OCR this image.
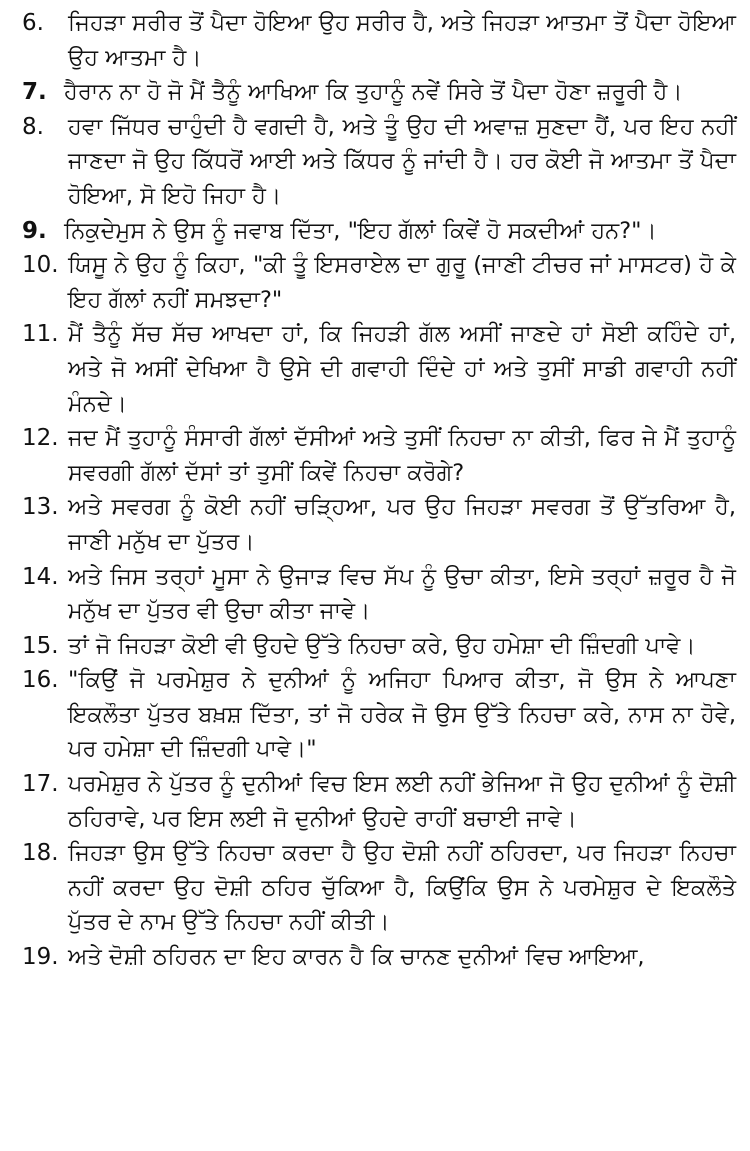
6.	ਜਿਹੜਾ ਸਰੀਰ ਤੋਂ ਪੈਦਾ ਹੋਇਆ ਉਹ ਸਰੀਰ ਹੈ, ਅਤੇ ਜਿਹੜਾ ਆਤਮਾ ਤੋਂ ਪੈਦਾ ਹੋਇਆ ਉਹ ਆਤਮਾ ਹੈ।
7. ਹੈਰਾਨ ਨਾ ਹੋ ਜੋ ਮੈਂ ਤੈਨੂੰ ਆਖਿਆ ਕਿ ਤੁਹਾਨੂੰ ਨਵੇਂ ਸਿਰੇ ਤੋਂ ਪੈਦਾ ਹੋਣਾ ਜ਼ਰੂਰੀ ਹੈ।
8.	ਹਵਾ ਜਿੱਧਰ ਚਾਹੁੰਦੀ ਹੈ ਵਗਦੀ ਹੈ, ਅਤੇ ਤੂੰ ਉਹ ਦੀ ਅਵਾਜ਼ ਸੁਣਦਾ ਹੈਂ, ਪਰ ਇਹ ਨਹੀਂ ਜਾਣਦਾ ਜੋ ਉਹ ਕਿੱਧਰੋਂ ਆਈ ਅਤੇ ਕਿੱਧਰ ਨੂੰ ਜਾਂਦੀ ਹੈ। ਹਰ ਕੋਈ ਜੋ ਆਤਮਾ ਤੋਂ ਪੈਦਾ ਹੋਇਆ, ਸੋ ਇਹੋ ਜਿਹਾ ਹੈ।
9. ਨਿਕੁਦੇਮੁਸ ਨੇ ਉਸ ਨੂੰ ਜਵਾਬ ਦਿੱਤਾ, "ਇਹ ਗੱਲਾਂ ਕਿਵੇਂ ਹੋ ਸਕਦੀਆਂ ਹਨ?"।
10. ਯਿਸੂ ਨੇ ਉਹ ਨੂੰ ਕਿਹਾ, "ਕੀ ਤੂੰ ਇਸਰਾਏਲ ਦਾ ਗੁਰੂ (ਜਾਣੀ ਟੀਚਰ ਜਾਂ ਮਾਸਟਰ) ਹੋ ਕੇ ਇਹ ਗੱਲਾਂ ਨਹੀਂ ਸਮਝਦਾ?"
11. ਮੈਂ ਤੈਨੂੰ ਸੱਚ ਸੱਚ ਆਖਦਾ ਹਾਂ, ਕਿ ਜਿਹੜੀ ਗੱਲ ਅਸੀਂ ਜਾਣਦੇ ਹਾਂ ਸੋਈ ਕਹਿੰਦੇ ਹਾਂ, ਅਤੇ ਜੋ ਅਸੀਂ ਦੇਖਿਆ ਹੈ ਉਸੇ ਦੀ ਗਵਾਹੀ ਦਿੰਦੇ ਹਾਂ ਅਤੇ ਤੁਸੀਂ ਸਾਡੀ ਗਵਾਹੀ ਨਹੀਂ ਮੰਨਦੇ।
12. ਜਦ ਮੈਂ ਤੁਹਾਨੂੰ ਸੰਸਾਰੀ ਗੱਲਾਂ ਦੱਸੀਆਂ ਅਤੇ ਤੁਸੀਂ ਨਿਹਚਾ ਨਾ ਕੀਤੀ, ਫਿਰ ਜੇ ਮੈਂ ਤੁਹਾਨੂੰ ਸਵਰਗੀ ਗੱਲਾਂ ਦੱਸਾਂ ਤਾਂ ਤੁਸੀਂ ਕਿਵੇਂ ਨਿਹਚਾ ਕਰੋਗੇ?
13. ਅਤੇ ਸਵਰਗ ਨੂੰ ਕੋਈ ਨਹੀਂ ਚੜ੍ਹਿਆ, ਪਰ ਉਹ ਜਿਹੜਾ ਸਵਰਗ ਤੋਂ ਉੱਤਰਿਆ ਹੈ, ਜਾਣੀ ਮਨੁੱਖ ਦਾ ਪੁੱਤਰ।
14. ਅਤੇ ਜਿਸ ਤਰ੍ਹਾਂ ਮੂਸਾ ਨੇ ਉਜਾੜ ਵਿਚ ਸੱਪ ਨੂੰ ਉਚਾ ਕੀਤਾ, ਇਸੇ ਤਰ੍ਹਾਂ ਜ਼ਰੂਰ ਹੈ ਜੋ ਮਨੁੱਖ ਦਾ ਪੁੱਤਰ ਵੀ ਉਚਾ ਕੀਤਾ ਜਾਵੇ।
15. ਤਾਂ ਜੋ ਜਿਹੜਾ ਕੋਈ ਵੀ ਉਹਦੇ ਉੱਤੇ ਨਿਹਚਾ ਕਰੇ, ਉਹ ਹਮੇਸ਼ਾ ਦੀ ਜ਼ਿੰਦਗੀ ਪਾਵੇ।
16. "ਕਿਉਂ ਜੋ ਪਰਮੇਸ਼ੁਰ ਨੇ ਦੁਨੀਆਂ ਨੂੰ ਅਜਿਹਾ ਪਿਆਰ ਕੀਤਾ, ਜੋ ਉਸ ਨੇ ਆਪਣਾ ਇਕਲੌਤਾ ਪੁੱਤਰ ਬਖ਼ਸ਼ ਦਿੱਤਾ, ਤਾਂ ਜੋ ਹਰੇਕ ਜੋ ਉਸ ਉੱਤੇ ਨਿਹਚਾ ਕਰੇ, ਨਾਸ ਨਾ ਹੋਵੇ, ਪਰ ਹਮੇਸ਼ਾ ਦੀ ਜ਼ਿੰਦਗੀ ਪਾਵੇ।"
17. ਪਰਮੇਸ਼ੁਰ ਨੇ ਪੁੱਤਰ ਨੂੰ ਦੁਨੀਆਂ ਵਿਚ ਇਸ ਲਈ ਨਹੀਂ ਭੇਜਿਆ ਜੋ ਉਹ ਦੁਨੀਆਂ ਨੂੰ ਦੋਸ਼ੀ ਠਹਿਰਾਵੇ, ਪਰ ਇਸ ਲਈ ਜੋ ਦੁਨੀਆਂ ਉਹਦੇ ਰਾਹੀਂ ਬਚਾਈ ਜਾਵੇ।
18. ਜਿਹੜਾ ਉਸ ਉੱਤੇ ਨਿਹਚਾ ਕਰਦਾ ਹੈ ਉਹ ਦੋਸ਼ੀ ਨਹੀਂ ਠਹਿਰਦਾ, ਪਰ ਜਿਹੜਾ ਨਿਹਚਾ ਨਹੀਂ ਕਰਦਾ ਉਹ ਦੋਸ਼ੀ ਠਹਿਰ ਚੁੱਕਿਆ ਹੈ, ਕਿਉਂਕਿ ਉਸ ਨੇ ਪਰਮੇਸ਼ੁਰ ਦੇ ਇਕਲੌਤੇ ਪੁੱਤਰ ਦੇ ਨਾਮ ਉੱਤੇ ਨਿਹਚਾ ਨਹੀਂ ਕੀਤੀ।
19. ਅਤੇ ਦੋਸ਼ੀ ਠਹਿਰਨ ਦਾ ਇਹ ਕਾਰਨ ਹੈ ਕਿ ਚਾਨਣ ਦੁਨੀਆਂ ਵਿਚ ਆਇਆ,
